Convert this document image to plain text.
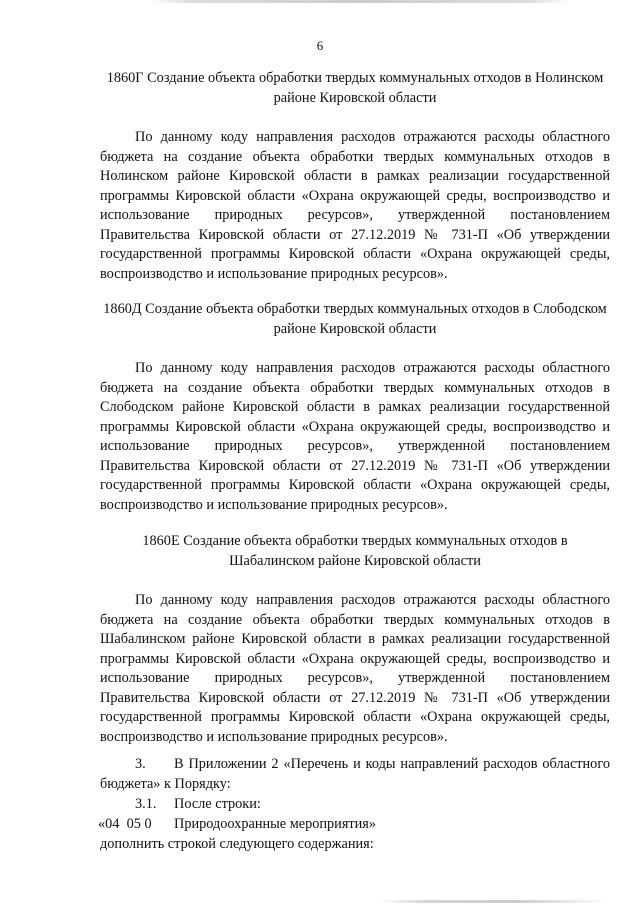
6
1860Г Создание объекта обработки твердых коммунальных отходов в Нолинском районе Кировской области
По данному коду направления расходов отражаются расходы областного бюджета на создание объекта обработки твердых коммунальных отходов в Нолинском районе Кировской области в рамках реализации государственной программы Кировской области «Охрана окружающей среды, воспроизводство и использование природных ресурсов», утвержденной постановлением Правительства Кировской области от 27.12.2019 № 731-П «Об утверждении государственной программы Кировской области «Охрана окружающей среды, воспроизводство и использование природных ресурсов».
1860Д Создание объекта обработки твердых коммунальных отходов в Слободском районе Кировской области
По данному коду направления расходов отражаются расходы областного бюджета на создание объекта обработки твердых коммунальных отходов в Слободском районе Кировской области в рамках реализации государственной программы Кировской области «Охрана окружающей среды, воспроизводство и использование природных ресурсов», утвержденной постановлением Правительства Кировской области от 27.12.2019 № 731-П «Об утверждении государственной программы Кировской области «Охрана окружающей среды, воспроизводство и использование природных ресурсов».
1860Е Создание объекта обработки твердых коммунальных отходов в Шабалинском районе Кировской области
По данному коду направления расходов отражаются расходы областного бюджета на создание объекта обработки твердых коммунальных отходов в Шабалинском районе Кировской области в рамках реализации государственной программы Кировской области «Охрана окружающей среды, воспроизводство и использование природных ресурсов», утвержденной постановлением Правительства Кировской области от 27.12.2019 № 731-П «Об утверждении государственной программы Кировской области «Охрана окружающей среды, воспроизводство и использование природных ресурсов».
3.	В Приложении 2 «Перечень и коды направлений расходов областного бюджета» к Порядку:
3.1. После строки:
«04  05 0 Природоохранные мероприятия»
дополнить строкой следующего содержания:
